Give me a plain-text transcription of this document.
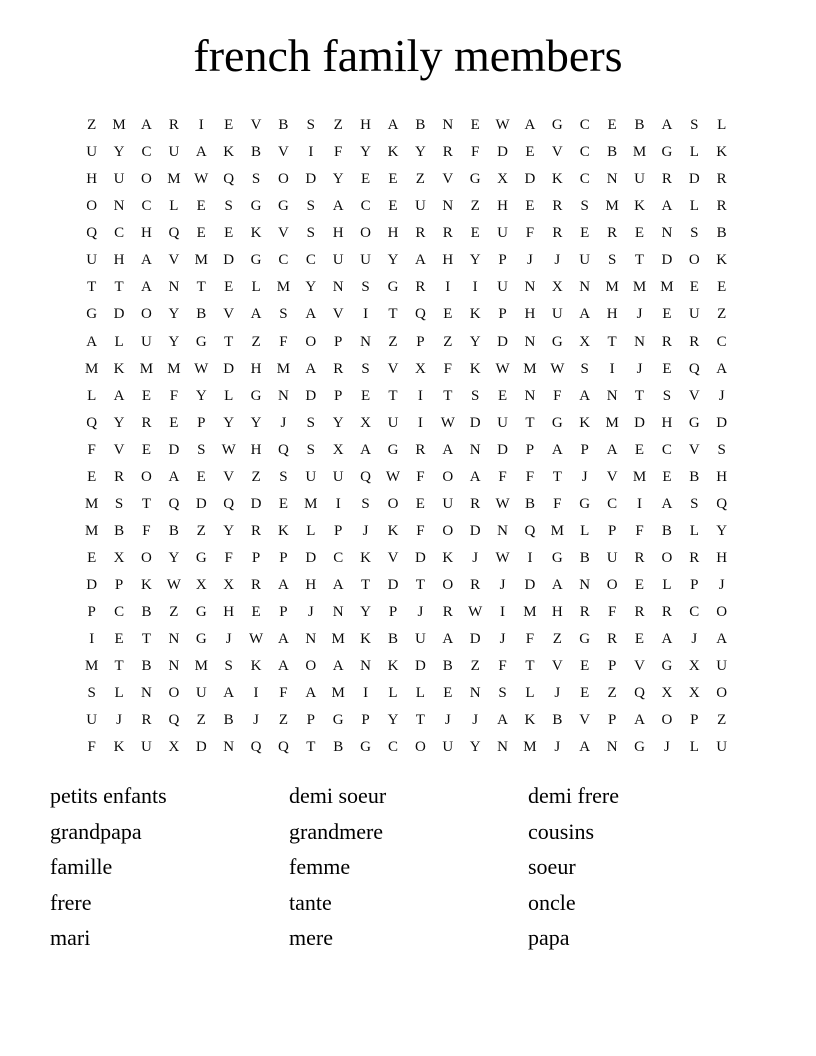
french family members
Z	M	A	R	I	E	V	B	S	Z	H	A	B	N	E	W A	G	C	E	B	A	S	L
U	Y	C	U	A	K	B	V	I	F	Y	K	Y	R	F	D	E	V	C	B	M	G	L	K
H	U	O	M W Q	S	O	D	Y	E	E	Z	V	G	X	D	K	C	N	U	R	D	R
O	N	C	L	E	S	G	G	S	A	C	E	U	N	Z	H	E	R	S	M	K	A	L	R
Q	C	H	Q	E	E	K	V	S	H	O	H	R	R	E	U	F	R	E	R	E	N	S	B
U	H	A	V	M	D	G	C	C	U	U	Y	A	H	Y	P	J	J	U	S	T	D	O	K
T	T	A	N	T	E	L	M	Y	N	S	G	R	I	I	U	N	X	N	M M M	E	E
G	D	O	Y	B	V	A	S	A	V	I	T	Q	E	K	P	H	U	A	H	J	E	U	Z
A	L	U	Y	G	T	Z	F	O	P	N	Z	P	Z	Y	D	N	G	X	T	N	R	R	C
M	K	M M W D	H	M	A	R	S	V	X	F	K W M W	S	I	J	E	Q	A
L	A	E	F	Y	L	G	N	D	P	E	T	I	T	S	E	N	F	A	N	T	S	V	J
Q	Y	R	E	P	Y	Y	J	S	Y	X	U	I	W D	U	T	G	K	M	D	H	G	D
F	V	E	D	S	W H	Q	S	X	A	G	R	A	N	D	P	A	P	A	E	C	V	S
E	R	O	A	E	V	Z	S	U	U	Q W	F	O	A	F	F	T	J	V	M	E	B	H
M	S	T	Q	D	Q	D	E	M	I	S	O	E	U	R	W	B	F	G	C	I	A	S	Q
M	B	F	B	Z	Y	R	K	L	P	J	K	F	O	D	N	Q	M	L	P	F	B	L	Y
E	X	O	Y	G	F	P	P	D	C	K	V	D	K	J	W	I	G	B	U	R	O	R	H
D	P	K W X	X	R	A	H	A	T	D	T	O	R	J	D	A	N	O	E	L	P	J
P	C	B	Z	G	H	E	P	J	N	Y	P	J	R	W	I	M	H	R	F	R	R	C	O
I	E	T	N	G	J	W A	N	M	K	B	U	A	D	J	F	Z	G	R	E	A	J	A
M	T	B	N	M	S	K	A	O	A	N	K	D	B	Z	F	T	V	E	P	V	G	X	U
S	L	N	O	U	A	I	F	A	M	I	L	L	E	N	S	L	J	E	Z	Q	X	X	O
U	J	R	Q	Z	B	J	Z	P	G	P	Y	T	J	J	A	K	B	V	P	A	O	P	Z
F	K	U	X	D	N	Q	Q	T	B	G	C	O	U	Y	N	M	J	A	N	G	J	L	U
petits enfants
grandpapa
famille
frere
mari
demi soeur
grandmere
femme
tante
mere
demi frere
cousins
soeur
oncle
papa
